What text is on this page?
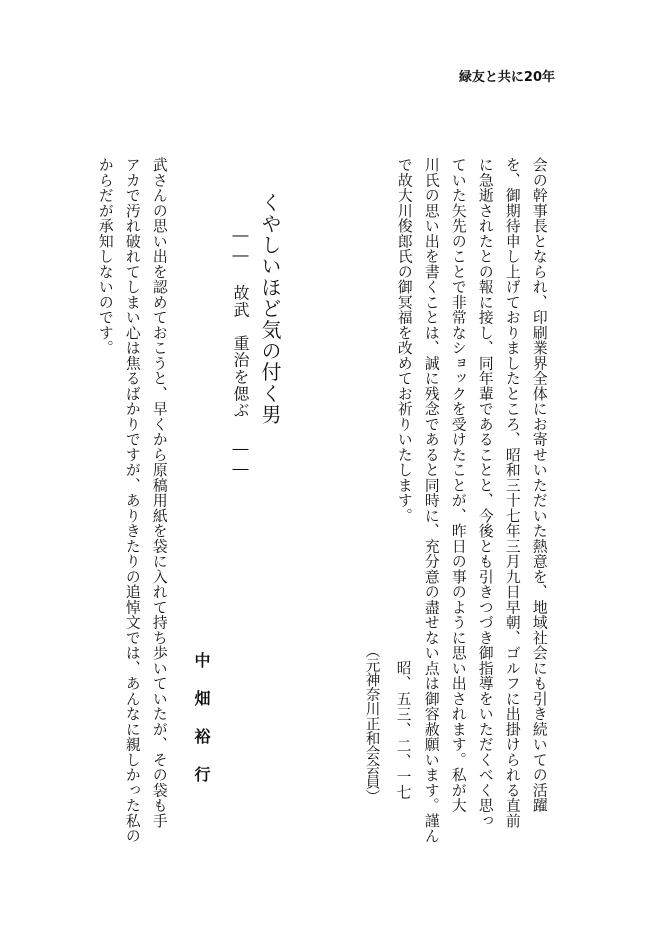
緑友と共に20年
会の幹事長となられ、印刷業界全体にお寄せいただいた熱意を、地域社会にも引き続いての活躍
を、御期待申し上げておりましたところ、昭和三十七年三月九日早朝、ゴルフに出掛けられる直前
に急逝されたとの報に接し、同年輩であることと、今後とも引きつづき御指導をいただくべく思っ
ていた矢先のことで非常なショックを受けたことが、昨日の事のように思い出されます。私が大
川氏の思い出を書くことは、誠に残念であると同時に、充分意の盡せない点は御容赦願います。謹ん
で故大川俊郎氏の御冥福を改めてお祈りいたします。
昭、五三、二、一七
（元神奈川正和会会員）
くやしいほど気の付く男
―― 故武　重治を偲ぶ ――
中　畑　裕　行
武さんの思い出を認めておこうと、早くから原稿用紙を袋に入れて持ち歩いていたが、その袋も手
アカで汚れ破れてしまい心は焦るばかりですが、ありきたりの追悼文では、あんなに親しかった私の
からだが承知しないのです。
